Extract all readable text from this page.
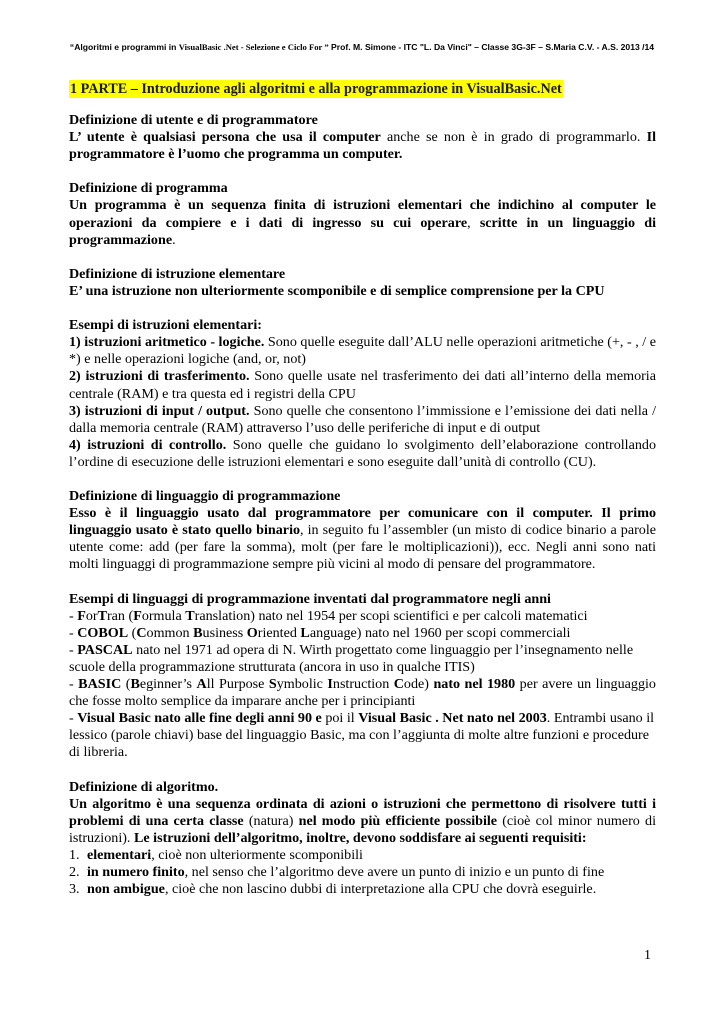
“Algoritmi e programmi in VisualBasic .Net - Selezione e Ciclo For ” Prof. M. Simone - ITC "L. Da Vinci" – Classe 3G-3F – S.Maria C.V. - A.S. 2013 /14
1 PARTE – Introduzione agli algoritmi e alla programmazione in VisualBasic.Net

Definizione di utente e di programmatore

L’ utente è qualsiasi persona che usa il computer anche se non è in grado di programmarlo. Il programmatore è l’uomo che programma un computer.

Definizione di programma

Un programma è un sequenza finita di istruzioni elementari che indichino al computer le operazioni da compiere e i dati di ingresso su cui operare, scritte in un linguaggio di programmazione.

Definizione di istruzione elementare

E’ una istruzione non ulteriormente scomponibile e di semplice comprensione per la CPU

Esempi di istruzioni elementari:

1) istruzioni aritmetico - logiche. Sono quelle eseguite dall’ALU nelle operazioni aritmetiche (+, - , / e *) e nelle operazioni logiche (and, or, not)

2) istruzioni di trasferimento. Sono quelle usate nel trasferimento dei dati all’interno della memoria centrale (RAM) e tra questa ed i registri della CPU

3) istruzioni di input / output. Sono quelle che consentono l’immissione e l’emissione dei dati nella / dalla memoria centrale (RAM) attraverso l’uso delle periferiche di input e di output

4) istruzioni di controllo. Sono quelle che guidano lo svolgimento dell’elaborazione controllando l’ordine di esecuzione delle istruzioni elementari e sono eseguite dall’unità di controllo (CU).

Definizione di linguaggio di programmazione

Esso è il linguaggio usato dal programmatore per comunicare con il computer. Il primo linguaggio usato è stato quello binario, in seguito fu l’assembler (un misto di codice binario a parole utente come: add (per fare la somma), molt (per fare le moltiplicazioni)), ecc. Negli anni sono nati molti linguaggi di programmazione sempre più vicini al modo di pensare del programmatore.

Esempi di linguaggi di programmazione inventati dal programmatore negli anni

- ForTran (Formula Translation) nato nel 1954 per scopi scientifici e per calcoli matematici

- COBOL (Common Business Oriented Language) nato nel 1960 per scopi commerciali

- PASCAL nato nel 1971 ad opera di N. Wirth progettato come linguaggio per l’insegnamento nelle scuole della programmazione strutturata (ancora in uso in qualche ITIS)

- BASIC (Beginner’s All Purpose Symbolic Instruction Code) nato nel 1980 per avere un linguaggio che fosse molto semplice da imparare anche per i principianti

- Visual Basic nato alle fine degli anni 90 e poi il Visual Basic . Net nato nel 2003. Entrambi usano il lessico (parole chiavi) base del linguaggio Basic, ma con l’aggiunta di molte altre funzioni e procedure di libreria.

Definizione di algoritmo.

Un algoritmo è una sequenza ordinata di azioni o istruzioni che permettono di risolvere tutti i problemi di una certa classe (natura) nel modo più efficiente possibile (cioè col minor numero di istruzioni). Le istruzioni dell’algoritmo, inoltre, devono soddisfare ai seguenti requisiti:

1. elementari, cioè non ulteriormente scomponibili
2. in numero finito, nel senso che l’algoritmo deve avere un punto di inizio e un punto di fine
3. non ambigue, cioè che non lascino dubbi di interpretazione alla CPU che dovrà eseguirle.
1
